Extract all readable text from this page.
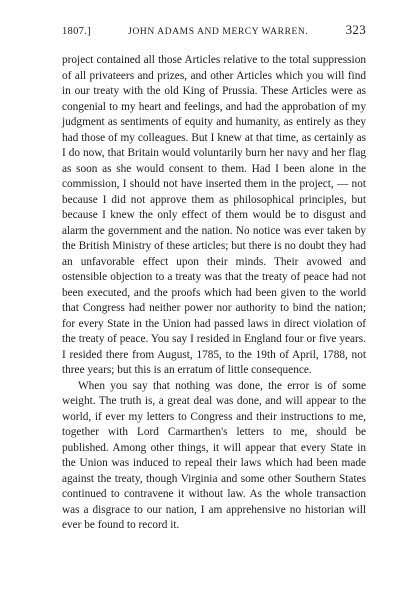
1807.]	JOHN ADAMS AND MERCY WARREN.	323

project contained all those Articles relative to the total suppression of all privateers and prizes, and other Articles which you will find in our treaty with the old King of Prussia. These Articles were as congenial to my heart and feelings, and had the approbation of my judgment as sentiments of equity and humanity, as entirely as they had those of my colleagues. But I knew at that time, as certainly as I do now, that Britain would voluntarily burn her navy and her flag as soon as she would consent to them. Had I been alone in the commission, I should not have inserted them in the project, — not because I did not approve them as philosophical principles, but because I knew the only effect of them would be to disgust and alarm the government and the nation. No notice was ever taken by the British Ministry of these articles; but there is no doubt they had an unfavorable effect upon their minds. Their avowed and ostensible objection to a treaty was that the treaty of peace had not been executed, and the proofs which had been given to the world that Congress had neither power nor authority to bind the nation; for every State in the Union had passed laws in direct violation of the treaty of peace. You say I resided in England four or five years. I resided there from August, 1785, to the 19th of April, 1788, not three years; but this is an erratum of little consequence.

When you say that nothing was done, the error is of some weight. The truth is, a great deal was done, and will appear to the world, if ever my letters to Congress and their instructions to me, together with Lord Carmarthen's letters to me, should be published. Among other things, it will appear that every State in the Union was induced to repeal their laws which had been made against the treaty, though Virginia and some other Southern States continued to contravene it without law. As the whole transaction was a disgrace to our nation, I am apprehensive no historian will ever be found to record it.
